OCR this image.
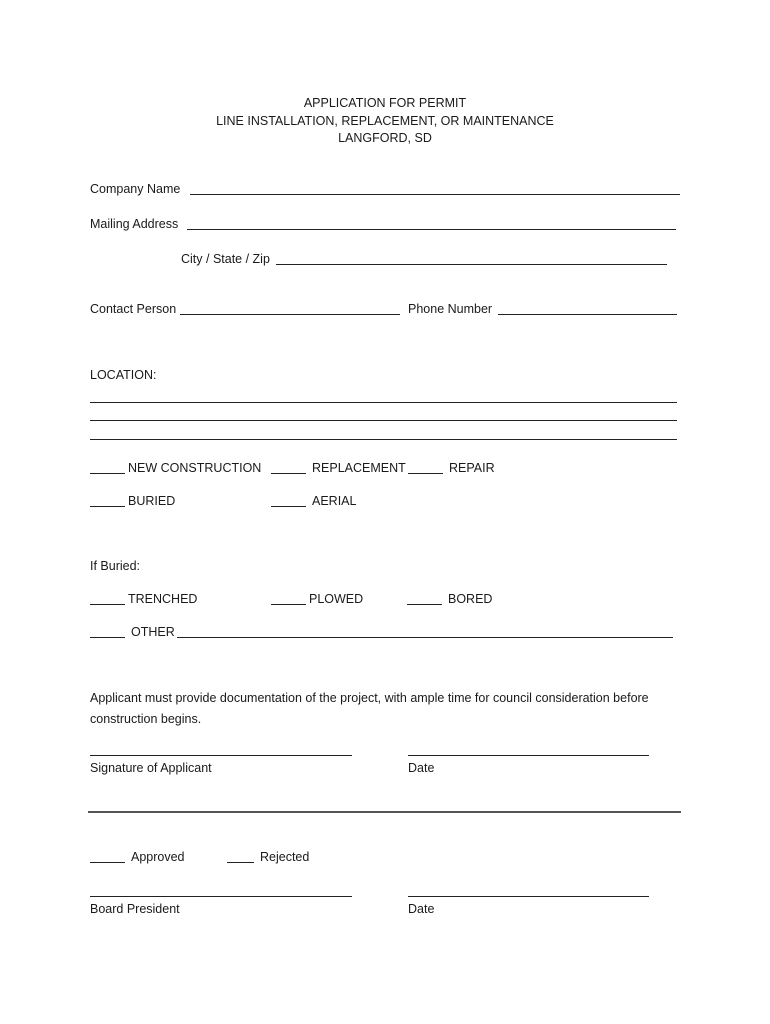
APPLICATION FOR PERMIT
LINE INSTALLATION, REPLACEMENT, OR MAINTENANCE
LANGFORD, SD
Company Name
Mailing Address
City / State / Zip
Contact Person	Phone Number
LOCATION:
NEW CONSTRUCTION	REPLACEMENT	REPAIR
BURIED	AERIAL
If Buried:
TRENCHED	PLOWED	BORED
OTHER
Applicant must provide documentation of the project, with ample time for council consideration before
construction begins.
Signature of Applicant	Date
Approved	Rejected
Board President	Date
